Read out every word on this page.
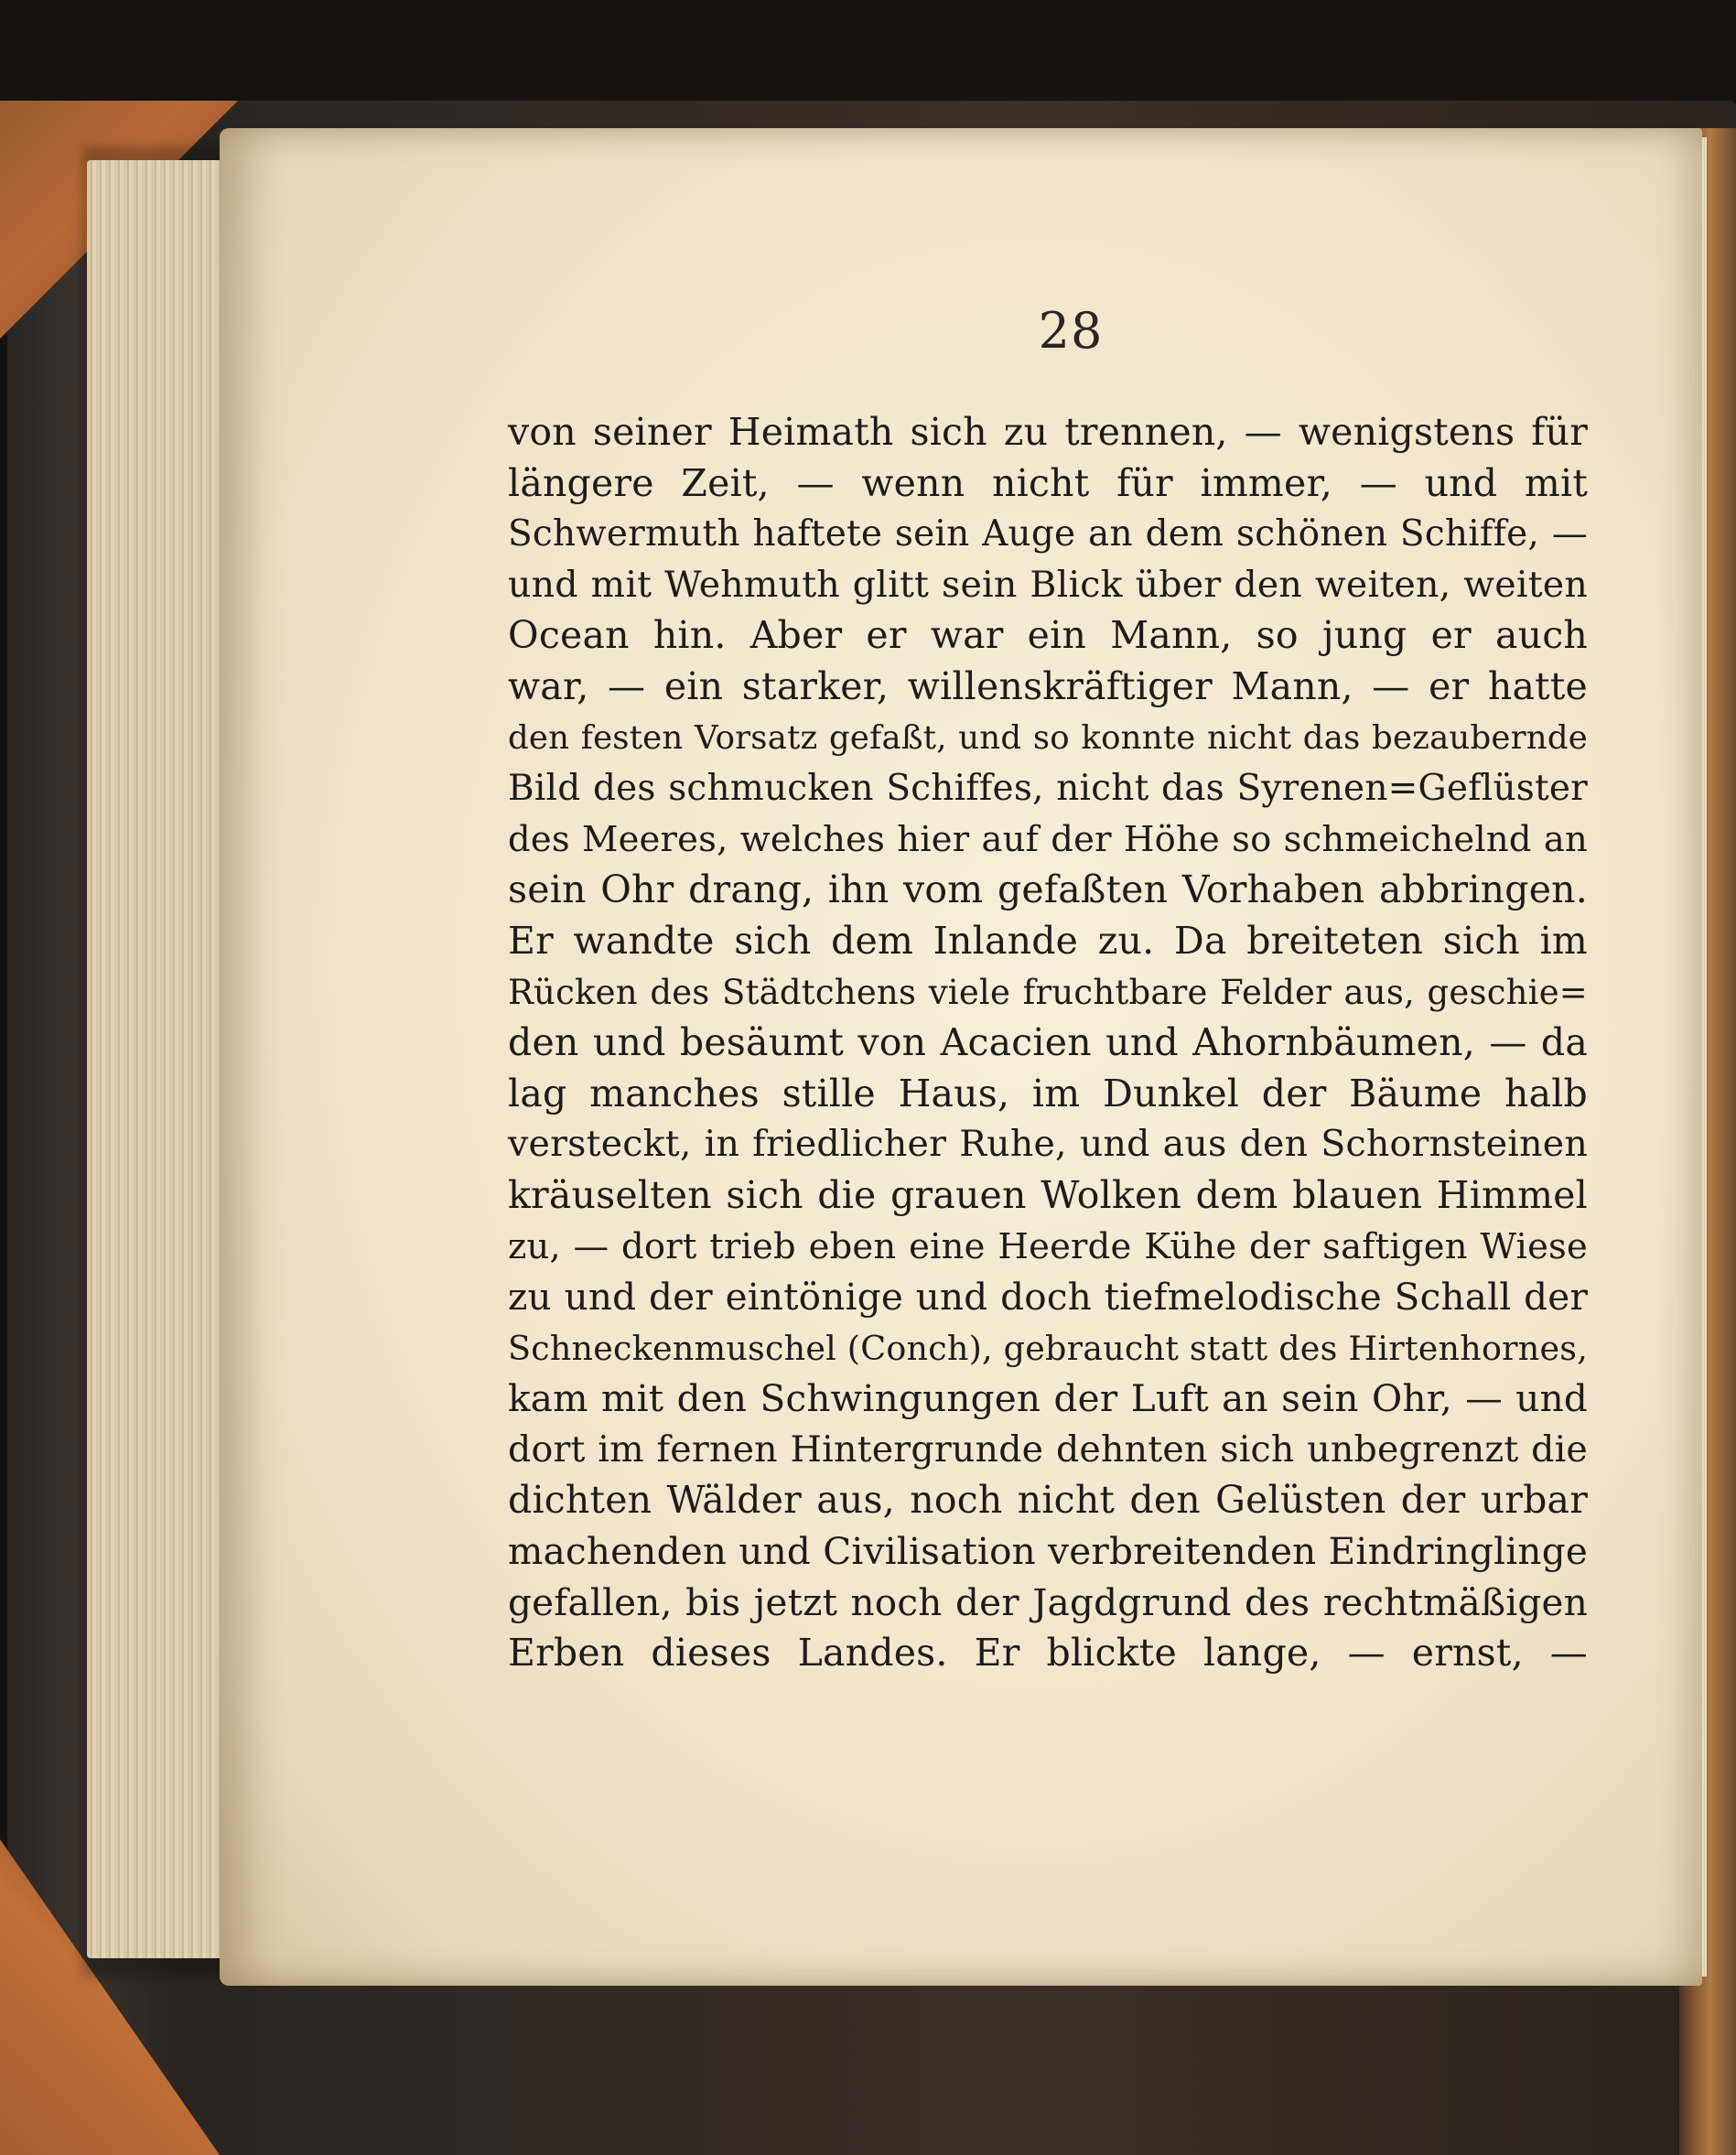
28
von seiner Heimath sich zu trennen, — wenigstens für
längere Zeit, — wenn nicht für immer, — und mit
Schwermuth haftete sein Auge an dem schönen Schiffe, —
und mit Wehmuth glitt sein Blick über den weiten, weiten
Ocean hin. Aber er war ein Mann, so jung er auch
war, — ein starker, willenskräftiger Mann, — er hatte
den festen Vorsatz gefaßt, und so konnte nicht das bezaubernde
Bild des schmucken Schiffes, nicht das Syrenen=Geflüster
des Meeres, welches hier auf der Höhe so schmeichelnd an
sein Ohr drang, ihn vom gefaßten Vorhaben abbringen.
Er wandte sich dem Inlande zu. Da breiteten sich im
Rücken des Städtchens viele fruchtbare Felder aus, geschie=
den und besäumt von Acacien und Ahornbäumen, — da
lag manches stille Haus, im Dunkel der Bäume halb
versteckt, in friedlicher Ruhe, und aus den Schornsteinen
kräuselten sich die grauen Wolken dem blauen Himmel
zu, — dort trieb eben eine Heerde Kühe der saftigen Wiese
zu und der eintönige und doch tiefmelodische Schall der
Schneckenmuschel (Conch), gebraucht statt des Hirtenhornes,
kam mit den Schwingungen der Luft an sein Ohr, — und
dort im fernen Hintergrunde dehnten sich unbegrenzt die
dichten Wälder aus, noch nicht den Gelüsten der urbar
machenden und Civilisation verbreitenden Eindringlinge
gefallen, bis jetzt noch der Jagdgrund des rechtmäßigen
Erben dieses Landes. Er blickte lange, — ernst, —
